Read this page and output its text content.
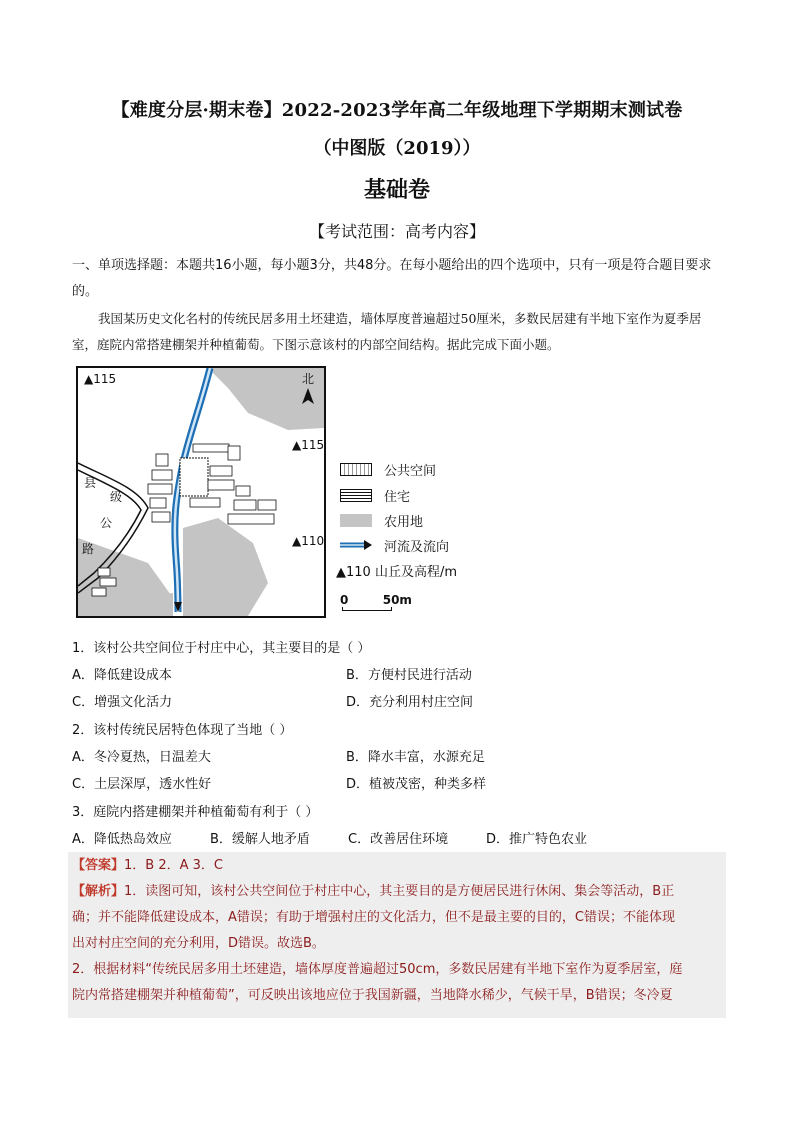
【难度分层·期末卷】2022-2023学年高二年级地理下学期期末测试卷
（中图版（2019））
基础卷
【考试范围：高考内容】
一、单项选择题：本题共16小题，每小题3分，共48分。在每小题给出的四个选项中，只有一项是符合题目要求的。
我国某历史文化名村的传统民居多用土坯建造，墙体厚度普遍超过50厘米，多数民居建有半地下室作为夏季居室，庭院内常搭建棚架并种植葡萄。下图示意该村的内部空间结构。据此完成下面小题。
▲115
▲115
▲110
北
县
级
公
路
公共空间
住宅
农用地
河流及流向
▲110 山丘及高程/m
0	50m
1．该村公共空间位于村庄中心，其主要目的是（ ）
A．降低建设成本	B．方便村民进行活动
C．增强文化活力	D．充分利用村庄空间
2．该村传统民居特色体现了当地（ ）
A．冬冷夏热，日温差大	B．降水丰富，水源充足
C．土层深厚，透水性好	D．植被茂密，种类多样
3．庭院内搭建棚架并种植葡萄有利于（ ）
A．降低热岛效应	B．缓解人地矛盾	C．改善居住环境	D．推广特色农业
【答案】1．B 2．A 3．C
【解析】1．读图可知，该村公共空间位于村庄中心，其主要目的是方便居民进行休闲、集会等活动，B正
确；并不能降低建设成本，A错误；有助于增强村庄的文化活力，但不是最主要的目的，C错误；不能体现
出对村庄空间的充分利用，D错误。故选B。
2．根据材料“传统民居多用土坯建造，墙体厚度普遍超过50cm，多数民居建有半地下室作为夏季居室，庭
院内常搭建棚架并种植葡萄”，可反映出该地应位于我国新疆，当地降水稀少，气候干旱，B错误；冬冷夏
